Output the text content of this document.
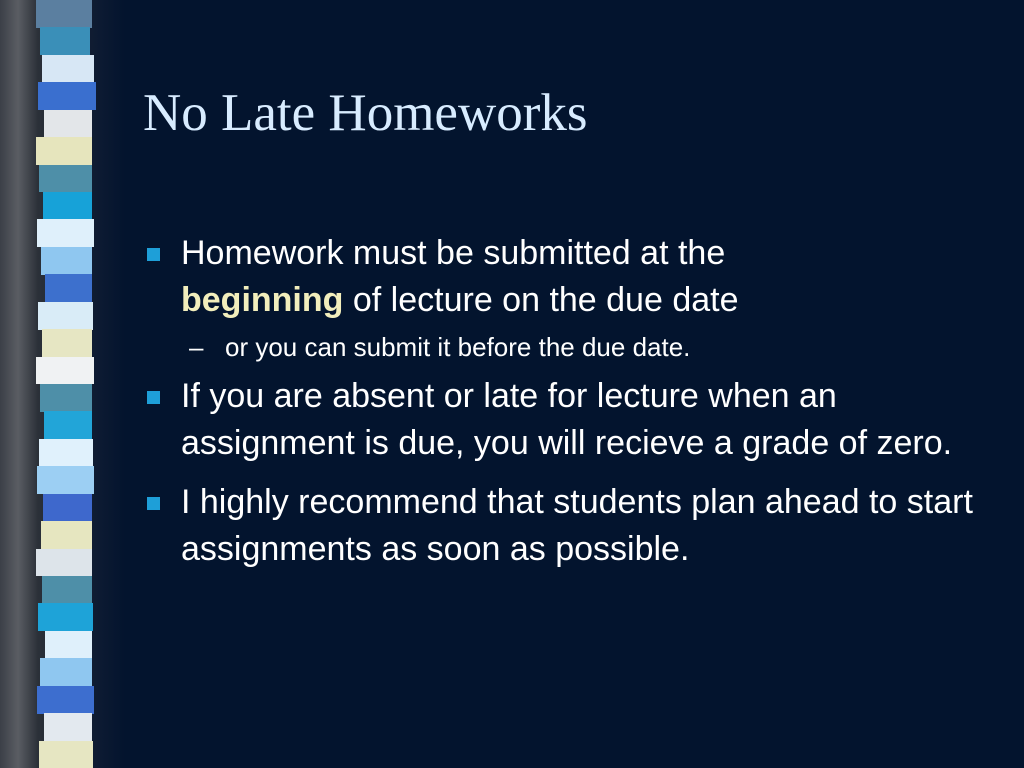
No Late Homeworks
Homework must be submitted at the
beginning of lecture on the due date
– or you can submit it before the due date.
If you are absent or late for lecture when an assignment is due, you will recieve a grade of zero.
I highly recommend that students plan ahead to start assignments as soon as possible.
